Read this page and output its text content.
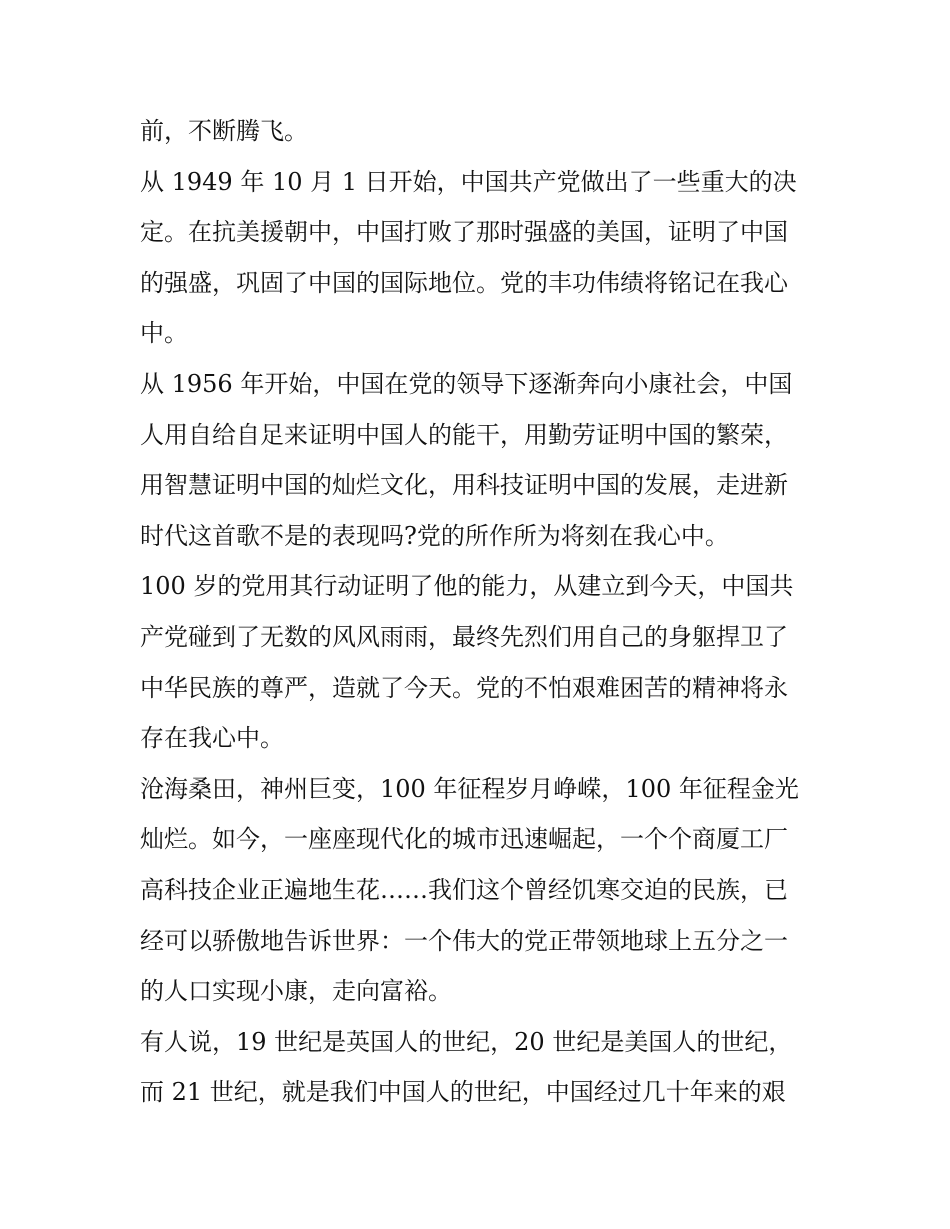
前，不断腾飞。
从 1949 年 10 月 1 日开始，中国共产党做出了一些重大的决
定。在抗美援朝中，中国打败了那时强盛的美国，证明了中国
的强盛，巩固了中国的国际地位。党的丰功伟绩将铭记在我心
中。
从 1956 年开始，中国在党的领导下逐渐奔向小康社会，中国
人用自给自足来证明中国人的能干，用勤劳证明中国的繁荣，
用智慧证明中国的灿烂文化，用科技证明中国的发展，走进新
时代这首歌不是的表现吗?党的所作所为将刻在我心中。
100 岁的党用其行动证明了他的能力，从建立到今天，中国共
产党碰到了无数的风风雨雨，最终先烈们用自己的身躯捍卫了
中华民族的尊严，造就了今天。党的不怕艰难困苦的精神将永
存在我心中。
沧海桑田，神州巨变，100 年征程岁月峥嵘，100 年征程金光
灿烂。如今，一座座现代化的城市迅速崛起，一个个商厦工厂
高科技企业正遍地生花……我们这个曾经饥寒交迫的民族，已
经可以骄傲地告诉世界：一个伟大的党正带领地球上五分之一
的人口实现小康，走向富裕。
有人说，19 世纪是英国人的世纪，20 世纪是美国人的世纪，
而 21 世纪，就是我们中国人的世纪，中国经过几十年来的艰
